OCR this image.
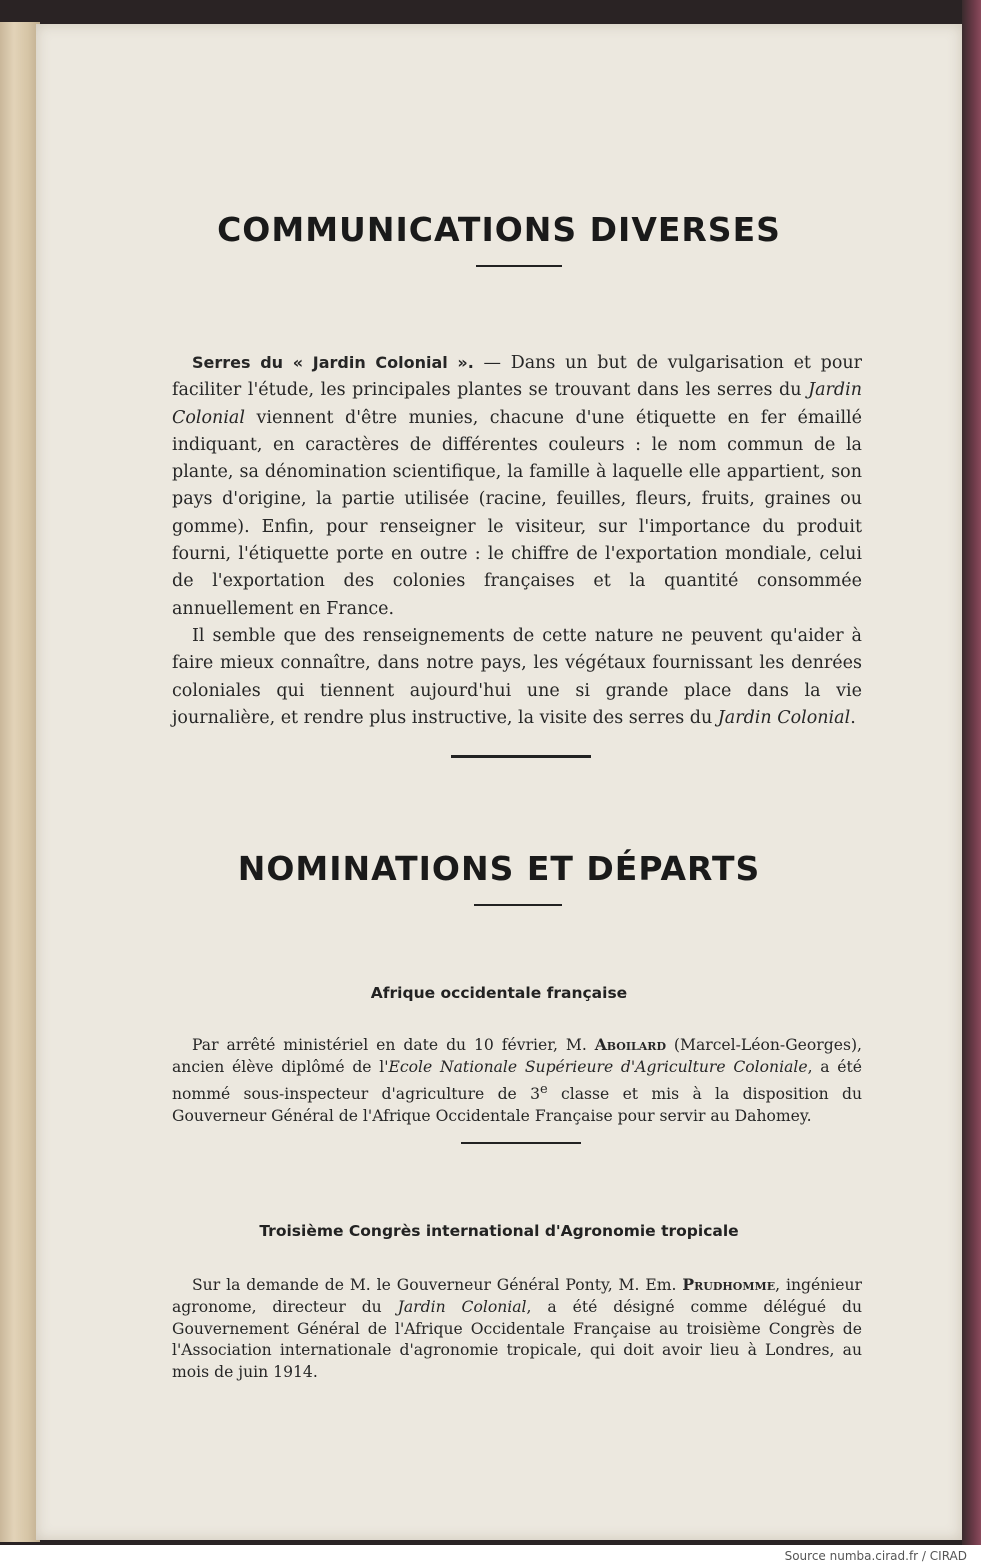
COMMUNICATIONS DIVERSES

Serres du « Jardin Colonial ». — Dans un but de vulgarisation et pour faciliter l'étude, les principales plantes se trouvant dans les serres du Jardin Colonial viennent d'être munies, chacune d'une étiquette en fer émaillé indiquant, en caractères de différentes couleurs : le nom commun de la plante, sa dénomination scientifique, la famille à laquelle elle appartient, son pays d'origine, la partie utilisée (racine, feuilles, fleurs, fruits, graines ou gomme). Enfin, pour renseigner le visiteur, sur l'importance du produit fourni, l'étiquette porte en outre : le chiffre de l'exportation mondiale, celui de l'exportation des colonies françaises et la quantité consommée annuellement en France.

Il semble que des renseignements de cette nature ne peuvent qu'aider à faire mieux connaître, dans notre pays, les végétaux fournissant les denrées coloniales qui tiennent aujourd'hui une si grande place dans la vie journalière, et rendre plus instructive, la visite des serres du Jardin Colonial.

NOMINATIONS ET DÉPARTS
Afrique occidentale française

Par arrêté ministériel en date du 10 février, M. Aboilard (Marcel-Léon-Georges), ancien élève diplômé de l'Ecole Nationale Supérieure d'Agriculture Coloniale, a été nommé sous-inspecteur d'agriculture de 3e classe et mis à la disposition du Gouverneur Général de l'Afrique Occidentale Française pour servir au Dahomey.

Troisième Congrès international d'Agronomie tropicale

Sur la demande de M. le Gouverneur Général Ponty, M. Em. Prudhomme, ingénieur agronome, directeur du Jardin Colonial, a été désigné comme délégué du Gouvernement Général de l'Afrique Occidentale Française au troisième Congrès de l'Association internationale d'agronomie tropicale, qui doit avoir lieu à Londres, au mois de juin 1914.

Source numba.cirad.fr / CIRAD
